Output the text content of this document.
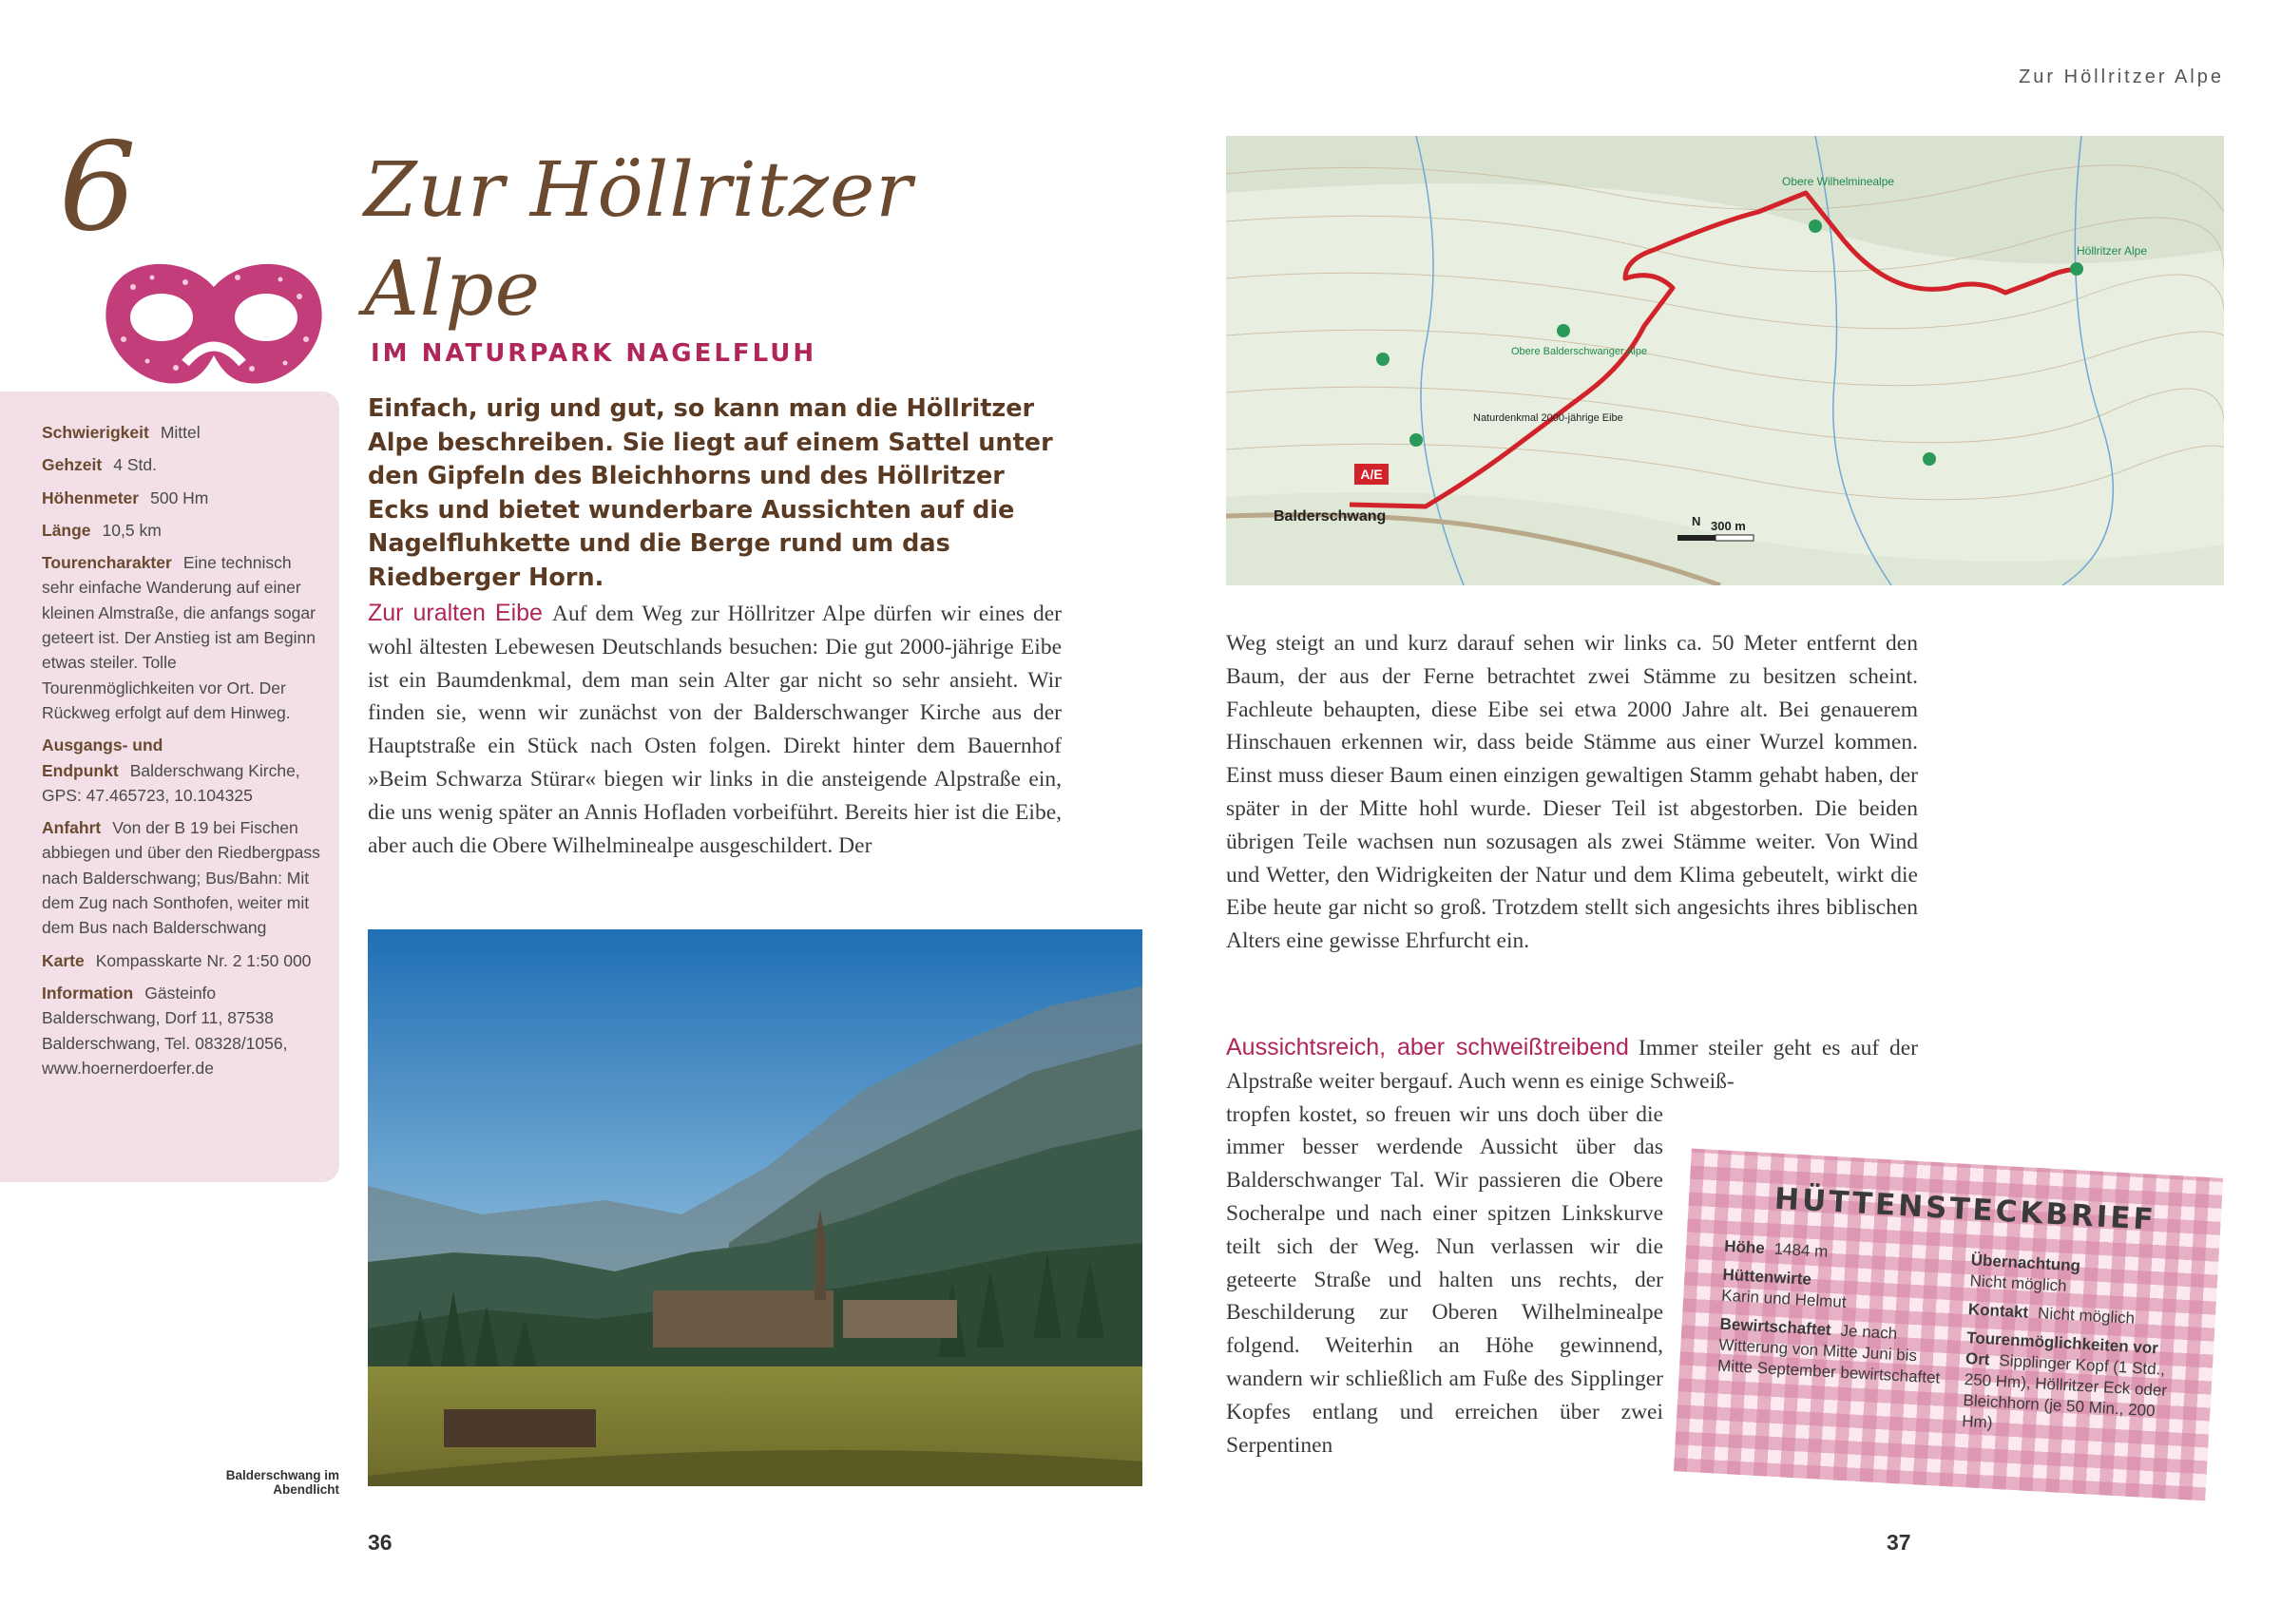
6	Zur Höllritzer
Alpe
IM NATURPARK NAGELFLUH
Einfach, urig und gut, so kann man die Höllritzer Alpe beschreiben. Sie liegt auf einem Sattel unter den Gipfeln des Bleichhorns und des Höllritzer Ecks und bietet wunderbare Aussichten auf die Nagelfluhkette und die Berge rund um das Riedberger Horn.

Schwierigkeit Mittel

Gehzeit 4 Std.

Höhenmeter 500 Hm

Länge 10,5 km

Tourencharakter Eine technisch sehr einfache Wanderung auf einer kleinen Almstraße, die anfangs sogar geteert ist. Der Anstieg ist am Beginn etwas steiler. Tolle Tourenmöglichkeiten vor Ort. Der Rückweg erfolgt auf dem Hinweg.

Ausgangs- und Endpunkt Balderschwang Kirche, GPS: 47.465723, 10.104325

Anfahrt Von der B 19 bei Fischen abbiegen und über den Riedbergpass nach Balderschwang; Bus/Bahn: Mit dem Zug nach Sonthofen, weiter mit dem Bus nach Balderschwang

Karte Kompasskarte Nr. 2 1:50 000

Information Gästeinfo Balderschwang, Dorf 11, 87538 Balderschwang, Tel. 08328/1056, www.hoernerdoerfer.de

Zur uralten Eibe Auf dem Weg zur Höllritzer Alpe dürfen wir eines der wohl ältesten Lebewesen Deutschlands besuchen: Die gut 2000-jährige Eibe ist ein Baumdenkmal, dem man sein Alter gar nicht so sehr ansieht. Wir finden sie, wenn wir zunächst von der Balderschwanger Kirche aus der Hauptstraße ein Stück nach Osten folgen. Direkt hinter dem Bauernhof »Beim Schwarza Stürar« biegen wir links in die ansteigende Alpstraße ein, die uns wenig später an Annis Hofladen vorbeiführt. Bereits hier ist die Eibe, aber auch die Obere Wilhelminealpe ausgeschildert. Der

Balderschwang im Abendlicht
36
Zur Höllritzer Alpe
A/E
Balderschwang
Höllritzer Alpe
Obere Wilhelminealpe
Obere Balderschwanger Alpe
Naturdenkmal 2000-jährige Eibe
300 m
N

Weg steigt an und kurz darauf sehen wir links ca. 50 Meter entfernt den Baum, der aus der Ferne betrachtet zwei Stämme zu besitzen scheint. Fachleute behaupten, diese Eibe sei etwa 2000 Jahre alt. Bei genauerem Hinschauen erkennen wir, dass beide Stämme aus einer Wurzel kommen. Einst muss dieser Baum einen einzigen gewaltigen Stamm gehabt haben, der später in der Mitte hohl wurde. Dieser Teil ist abgestorben. Die beiden übrigen Teile wachsen nun sozusagen als zwei Stämme weiter. Von Wind und Wetter, den Widrigkeiten der Natur und dem Klima gebeutelt, wirkt die Eibe heute gar nicht so groß. Trotzdem stellt sich angesichts ihres biblischen Alters eine gewisse Ehrfurcht ein.

Aussichtsreich, aber schweißtreibend Immer steiler geht es auf der Alpstraße weiter bergauf. Auch wenn es einige Schweiß-

tropfen kostet, so freuen wir uns doch über die immer besser werdende Aussicht über das Balderschwanger Tal. Wir passieren die Obere Socheralpe und nach einer spitzen Linkskurve teilt sich der Weg. Nun verlassen wir die geteerte Straße und halten uns rechts, der Beschilderung zur Oberen Wilhelminealpe folgend. Weiterhin an Höhe gewinnend, wandern wir schließlich am Fuße des Sipplinger Kopfes entlang und erreichen über zwei Serpentinen

HÜTTENSTECKBRIEF

Höhe 1484 m

Hüttenwirte
Karin und Helmut

Bewirtschaftet Je nach Witterung von Mitte Juni bis Mitte September bewirtschaftet

Übernachtung
Nicht möglich

Kontakt Nicht möglich

Tourenmöglichkeiten vor Ort Sipplinger Kopf (1 Std., 250 Hm), Höllritzer Eck oder Bleichhorn (je 50 Min., 200 Hm)

37
